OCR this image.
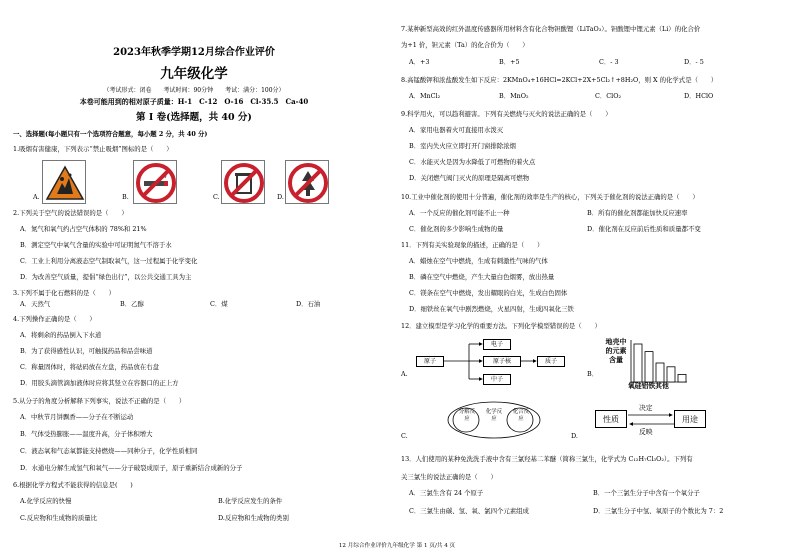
2023年秋季学期12月综合作业评价
九年级化学
（考试形式：闭卷　　考试时间：90分钟　　考试：满分：100分）
本卷可能用到的相对原子质量：H-1　C-12　O-16　Cl-35.5　Ca-40
第 I 卷(选择题，共 40 分)
一、选择题(每小题只有一个选项符合题意，每小题 2 分，共 40 分)
1.吸烟有害健康，下列表示“禁止吸烟”图标的是（　　）
A.	B.	C.	D.
2.下列关于空气的说法错误的是（　　）
A．氮气和氧气约占空气体积的 78%和 21%
B．测定空气中氧气含量的实验中可证明氮气不溶于水
C．工业上利用分离液态空气制取氧气，这一过程属于化学变化
D．为改善空气质量，提倡“绿色出行”，以公共交通工具为主
3.下列不属于化石燃料的是（　　）
A．天然气	B．乙醇	C．煤	D．石油
4.下列操作正确的是（　　）
A．将剩余的药品倒入下水道
B．为了获得感性认识，可触摸药品和品尝味道
C．称量固体时，将砝码放在左盘，药品放在右盘
D．用胶头滴管滴加液体时应将其竖立在容器口的正上方
5.从分子的角度分析解释下列事实，说法不正确的是（　　）
A．中秋节月饼飘香——分子在不断运动
B．气体受热膨胀——温度升高，分子体积增大
C．液态氧和气态氧都能支持燃烧——同种分子，化学性质相同
D．水通电分解生成氢气和氧气——分子破裂成原子，原子重新结合成新的分子
6.根据化学方程式不能获得的信息是(　　)
A.化学反应的快慢	B.化学反应发生的条件
C.反应物和生成物的质量比	D.反应物和生成物的类别
7.某种新型高效的红外温度传感器所用材料含有化合物钽酸锂（LiTaO₃）。钽酸锂中锂元素（Li）的化合价
为+1 价，钽元素（Ta）的化合价为（　　）
A．+3	B．+5	C．- 3	D．- 5
8.高锰酸钾和浓盐酸发生如下反应：2KMnO₄+16HCl=2KCl+2X+5Cl₂↑+8H₂O，则 X 的化学式是（　　）
A．MnCl₂	B．MnO₂	C．ClO₂	D．HClO
9.科学用火，可以趋利避害。下列有关燃烧与灭火的说法正确的是（　　）
A．家用电器着火可直接用水泼灭
B．室内失火应立即打开门窗排除浓烟
C．水能灭火是因为水降低了可燃物的着火点
D．关闭燃气阀门灭火的原理是隔离可燃物
10.工业中催化剂的使用十分普遍，催化剂的效率是生产的核心，下列关于催化剂的说法正确的是（　　）
A．一个反应的催化剂可能不止一种	B．所有的催化剂都能加快反应速率
C．催化剂的多少影响生成物的量	D．催化剂在反应前后性质和质量都不变
11．下列有关实验现象的描述，正确的是（　　）
A．蜡烛在空气中燃烧，生成有刺激性气味的气体
B．磷在空气中燃烧，产生大量白色烟雾，放出热量
C．镁条在空气中燃烧，发出耀眼的白光，生成白色固体
D．细铁丝在氧气中剧烈燃烧，火星四射，生成四氧化三铁
12．建立模型是学习化学的重要方法。下列化学模型错误的是（　　）
A.
原子
电子
原子核
中子
质子
B．
地壳中的元素含量
氧硅铝铁其他
C.
分解反应
化学反应
化合反应
D.
性质	用途
决定
反映
13．人们使用的某种免洗洗手液中含有三氯羟基二苯醚（简称三氯生，化学式为 C₁₂H₇Cl₃O₂）。下列有
关三氯生的说法正确的是（　　）
A．三氯生含有 24 个原子	B．一个三氯生分子中含有一个氧分子
C．三氯生由碳、氢、氧、氯四个元素组成	D．三氯生分子中氢、氧原子的个数比为 7：2
12 月综合作业评价九年级化学 第 1 页/共 4 页
